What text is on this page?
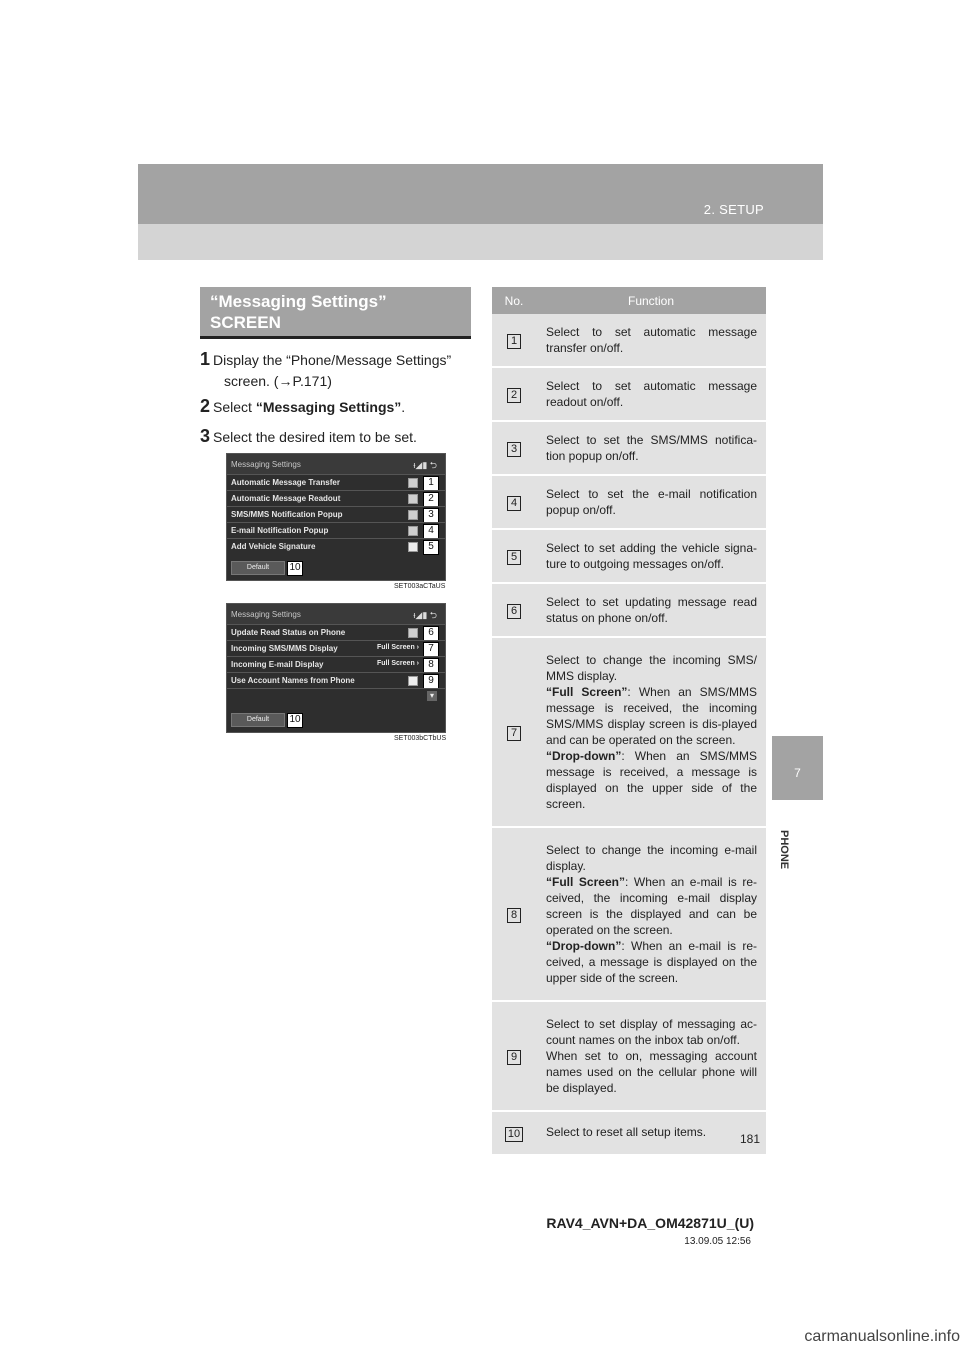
2. SETUP
7
PHONE
“Messaging Settings”
SCREEN
1 Display the “Phone/Message Settings”
screen. (→P.171)
2 Select “Messaging Settings”.
3 Select the desired item to be set.
Messaging Settings	ᵻ◢▮ ⮌
Automatic Message Transfer	1
Automatic Message Readout	2
SMS/MMS Notification Popup	3
E-mail Notification Popup	4
Add Vehicle Signature	5
Default	10
SET003aCTaUS
Messaging Settings	ᵻ◢▮ ⮌
Update Read Status on Phone	6
Incoming SMS/MMS Display	Full Screen › 7
Incoming E-mail Display	Full Screen › 8
Use Account Names from Phone	9
▾
Default	10
SET003bCTbUS
No.	Function
1	Select to set automatic message transfer on/off.
2	Select to set automatic message readout on/off.
3	Select to set the SMS/MMS notifica-tion popup on/off.
4	Select to set the e-mail notification popup on/off.
5	Select to set adding the vehicle signa-ture to outgoing messages on/off.
6	Select to set updating message read status on phone on/off.
7	Select to change the incoming SMS/ MMS display.
“Full Screen”: When an SMS/MMS message is received, the incoming SMS/MMS display screen is dis-played and can be operated on the screen.
“Drop-down”: When an SMS/MMS message is received, a message is displayed on the upper side of the screen.

8	Select to change the incoming e-mail display.
“Full Screen”: When an e-mail is re-ceived, the incoming e-mail display screen is the displayed and can be operated on the screen.
“Drop-down”: When an e-mail is re-ceived, a message is displayed on the upper side of the screen.

9	Select to set display of messaging ac-count names on the inbox tab on/off.
When set to on, messaging account names used on the cellular phone will be displayed.

10	Select to reset all setup items.	181
RAV4_AVN+DA_OM42871U_(U)
13.09.05 12:56
carmanualsonline.info
